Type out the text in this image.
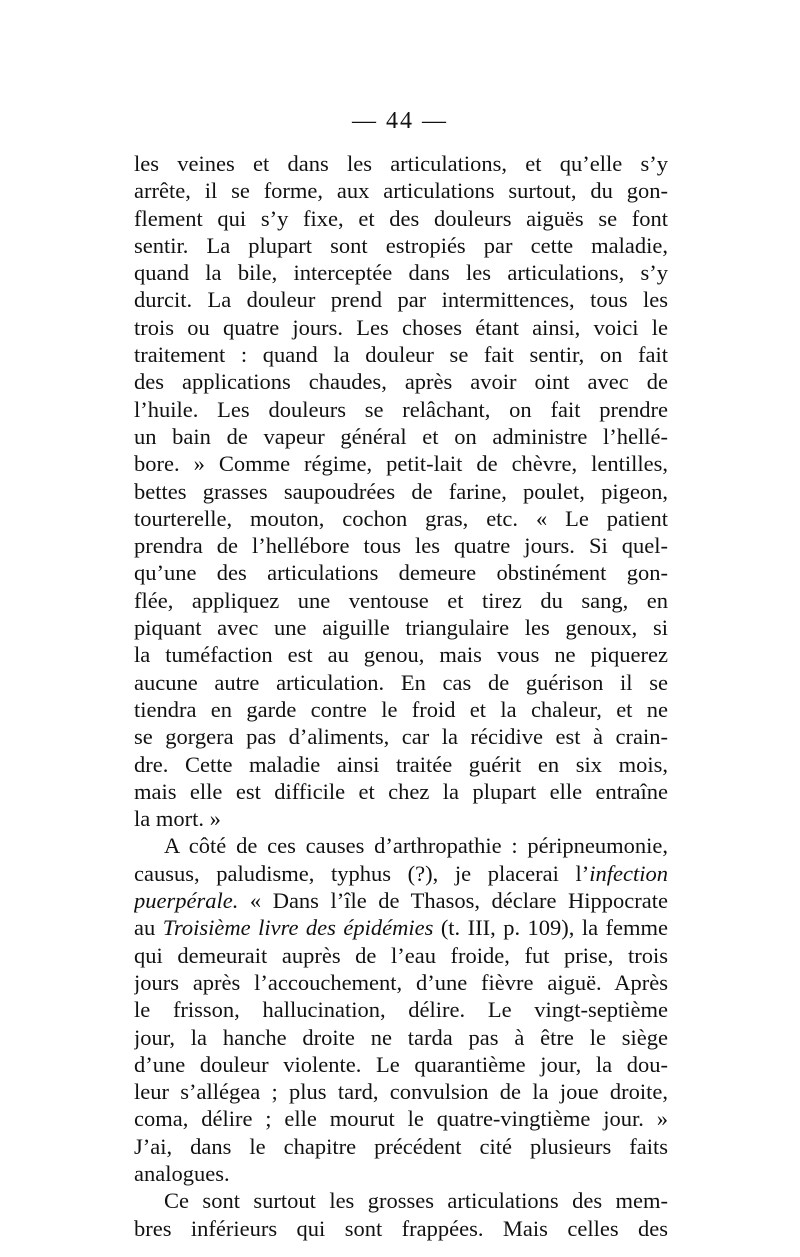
— 44 —
les veines et dans les articulations, et qu’elle s’y
arrête, il se forme, aux articulations surtout, du gon-
flement qui s’y fixe, et des douleurs aiguës se font
sentir. La plupart sont estropiés par cette maladie,
quand la bile, interceptée dans les articulations, s’y
durcit. La douleur prend par intermittences, tous les
trois ou quatre jours. Les choses étant ainsi, voici le
traitement : quand la douleur se fait sentir, on fait
des applications chaudes, après avoir oint avec de
l’huile. Les douleurs se relâchant, on fait prendre
un bain de vapeur général et on administre l’hellé-
bore. » Comme régime, petit-lait de chèvre, lentilles,
bettes grasses saupoudrées de farine, poulet, pigeon,
tourterelle, mouton, cochon gras, etc. « Le patient
prendra de l’hellébore tous les quatre jours. Si quel-
qu’une des articulations demeure obstinément gon-
flée, appliquez une ventouse et tirez du sang, en
piquant avec une aiguille triangulaire les genoux, si
la tuméfaction est au genou, mais vous ne piquerez
aucune autre articulation. En cas de guérison il se
tiendra en garde contre le froid et la chaleur, et ne
se gorgera pas d’aliments, car la récidive est à crain-
dre. Cette maladie ainsi traitée guérit en six mois,
mais elle est difficile et chez la plupart elle entraîne
la mort. »
A côté de ces causes d’arthropathie : péripneumonie,
causus, paludisme, typhus (?), je placerai l’infection
puerpérale. « Dans l’île de Thasos, déclare Hippocrate
au Troisième livre des épidémies (t. III, p. 109), la femme
qui demeurait auprès de l’eau froide, fut prise, trois
jours après l’accouchement, d’une fièvre aiguë. Après
le frisson, hallucination, délire. Le vingt-septième
jour, la hanche droite ne tarda pas à être le siège
d’une douleur violente. Le quarantième jour, la dou-
leur s’allégea ; plus tard, convulsion de la joue droite,
coma, délire ; elle mourut le quatre-vingtième jour. »
J’ai, dans le chapitre précédent cité plusieurs faits
analogues.
Ce sont surtout les grosses articulations des mem-
bres inférieurs qui sont frappées. Mais celles des
